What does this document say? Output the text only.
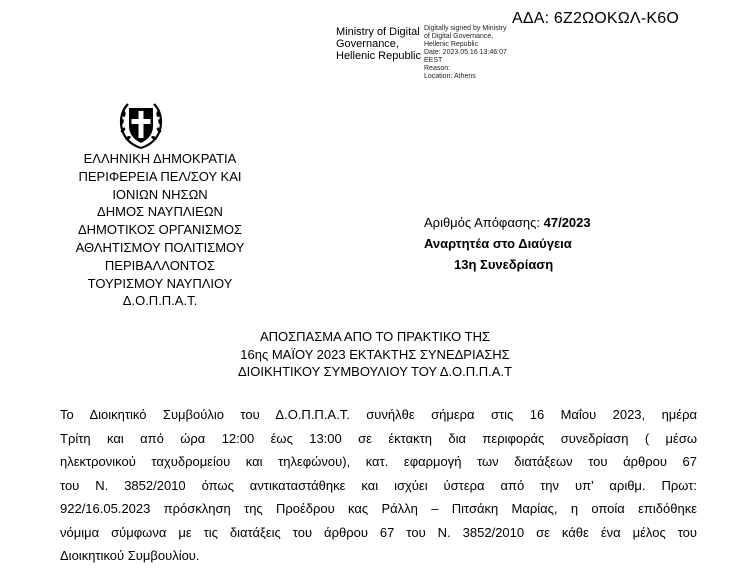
ΑΔΑ: 6Ζ2ΩΟΚΩΛ-Κ6Ο
Ministry of Digital
Governance,
Hellenic Republic
Digitally signed by Ministry
of Digital Governance,
Hellenic Republic
Date: 2023.05.16 13:46:07
EEST
Reason:
Location: Athens
ΕΛΛΗΝΙΚΗ ΔΗΜΟΚΡΑΤΙΑ
ΠΕΡΙΦΕΡΕΙΑ ΠΕΛ/ΣΟΥ ΚΑΙ
ΙΟΝΙΩΝ ΝΗΣΩΝ
ΔΗΜΟΣ ΝΑΥΠΛΙΕΩΝ
ΔΗΜΟΤΙΚΟΣ ΟΡΓΑΝΙΣΜΟΣ
ΑΘΛΗΤΙΣΜΟΥ ΠΟΛΙΤΙΣΜΟΥ
ΠΕΡΙΒΑΛΛΟΝΤΟΣ
ΤΟΥΡΙΣΜΟΥ ΝΑΥΠΛΙΟΥ
Δ.Ο.Π.Π.Α.Τ.
Αριθμός Απόφασης: 47/2023
Αναρτητέα στο Διαύγεια
13η Συνεδρίαση
ΑΠΟΣΠΑΣΜΑ ΑΠΟ ΤΟ ΠΡΑΚΤΙΚΟ ΤΗΣ
16ης ΜΑΪΟΥ 2023 ΕΚΤΑΚΤΗΣ ΣΥΝΕΔΡΙΑΣΗΣ
ΔΙΟΙΚΗΤΙΚΟΥ ΣΥΜΒΟΥΛΙΟΥ ΤΟΥ Δ.Ο.Π.Π.Α.Τ
Το Διοικητικό Συμβούλιο του Δ.Ο.Π.Π.Α.Τ. συνήλθε σήμερα στις 16 Μαΐου 2023, ημέρα
Τρίτη και από ώρα 12:00 έως 13:00 σε έκτακτη δια περιφοράς συνεδρίαση ( μέσω
ηλεκτρονικού ταχυδρομείου και τηλεφώνου), κατ. εφαρμογή των διατάξεων του άρθρου 67
του Ν. 3852/2010 όπως αντικαταστάθηκε και ισχύει ύστερα από την υπ’ αριθμ. Πρωτ:
922/16.05.2023 πρόσκληση της Προέδρου κας Ράλλη – Πιτσάκη Μαρίας, η οποία επιδόθηκε
νόμιμα σύμφωνα με τις διατάξεις του άρθρου 67 του Ν. 3852/2010 σε κάθε ένα μέλος του
Διοικητικού Συμβουλίου.
